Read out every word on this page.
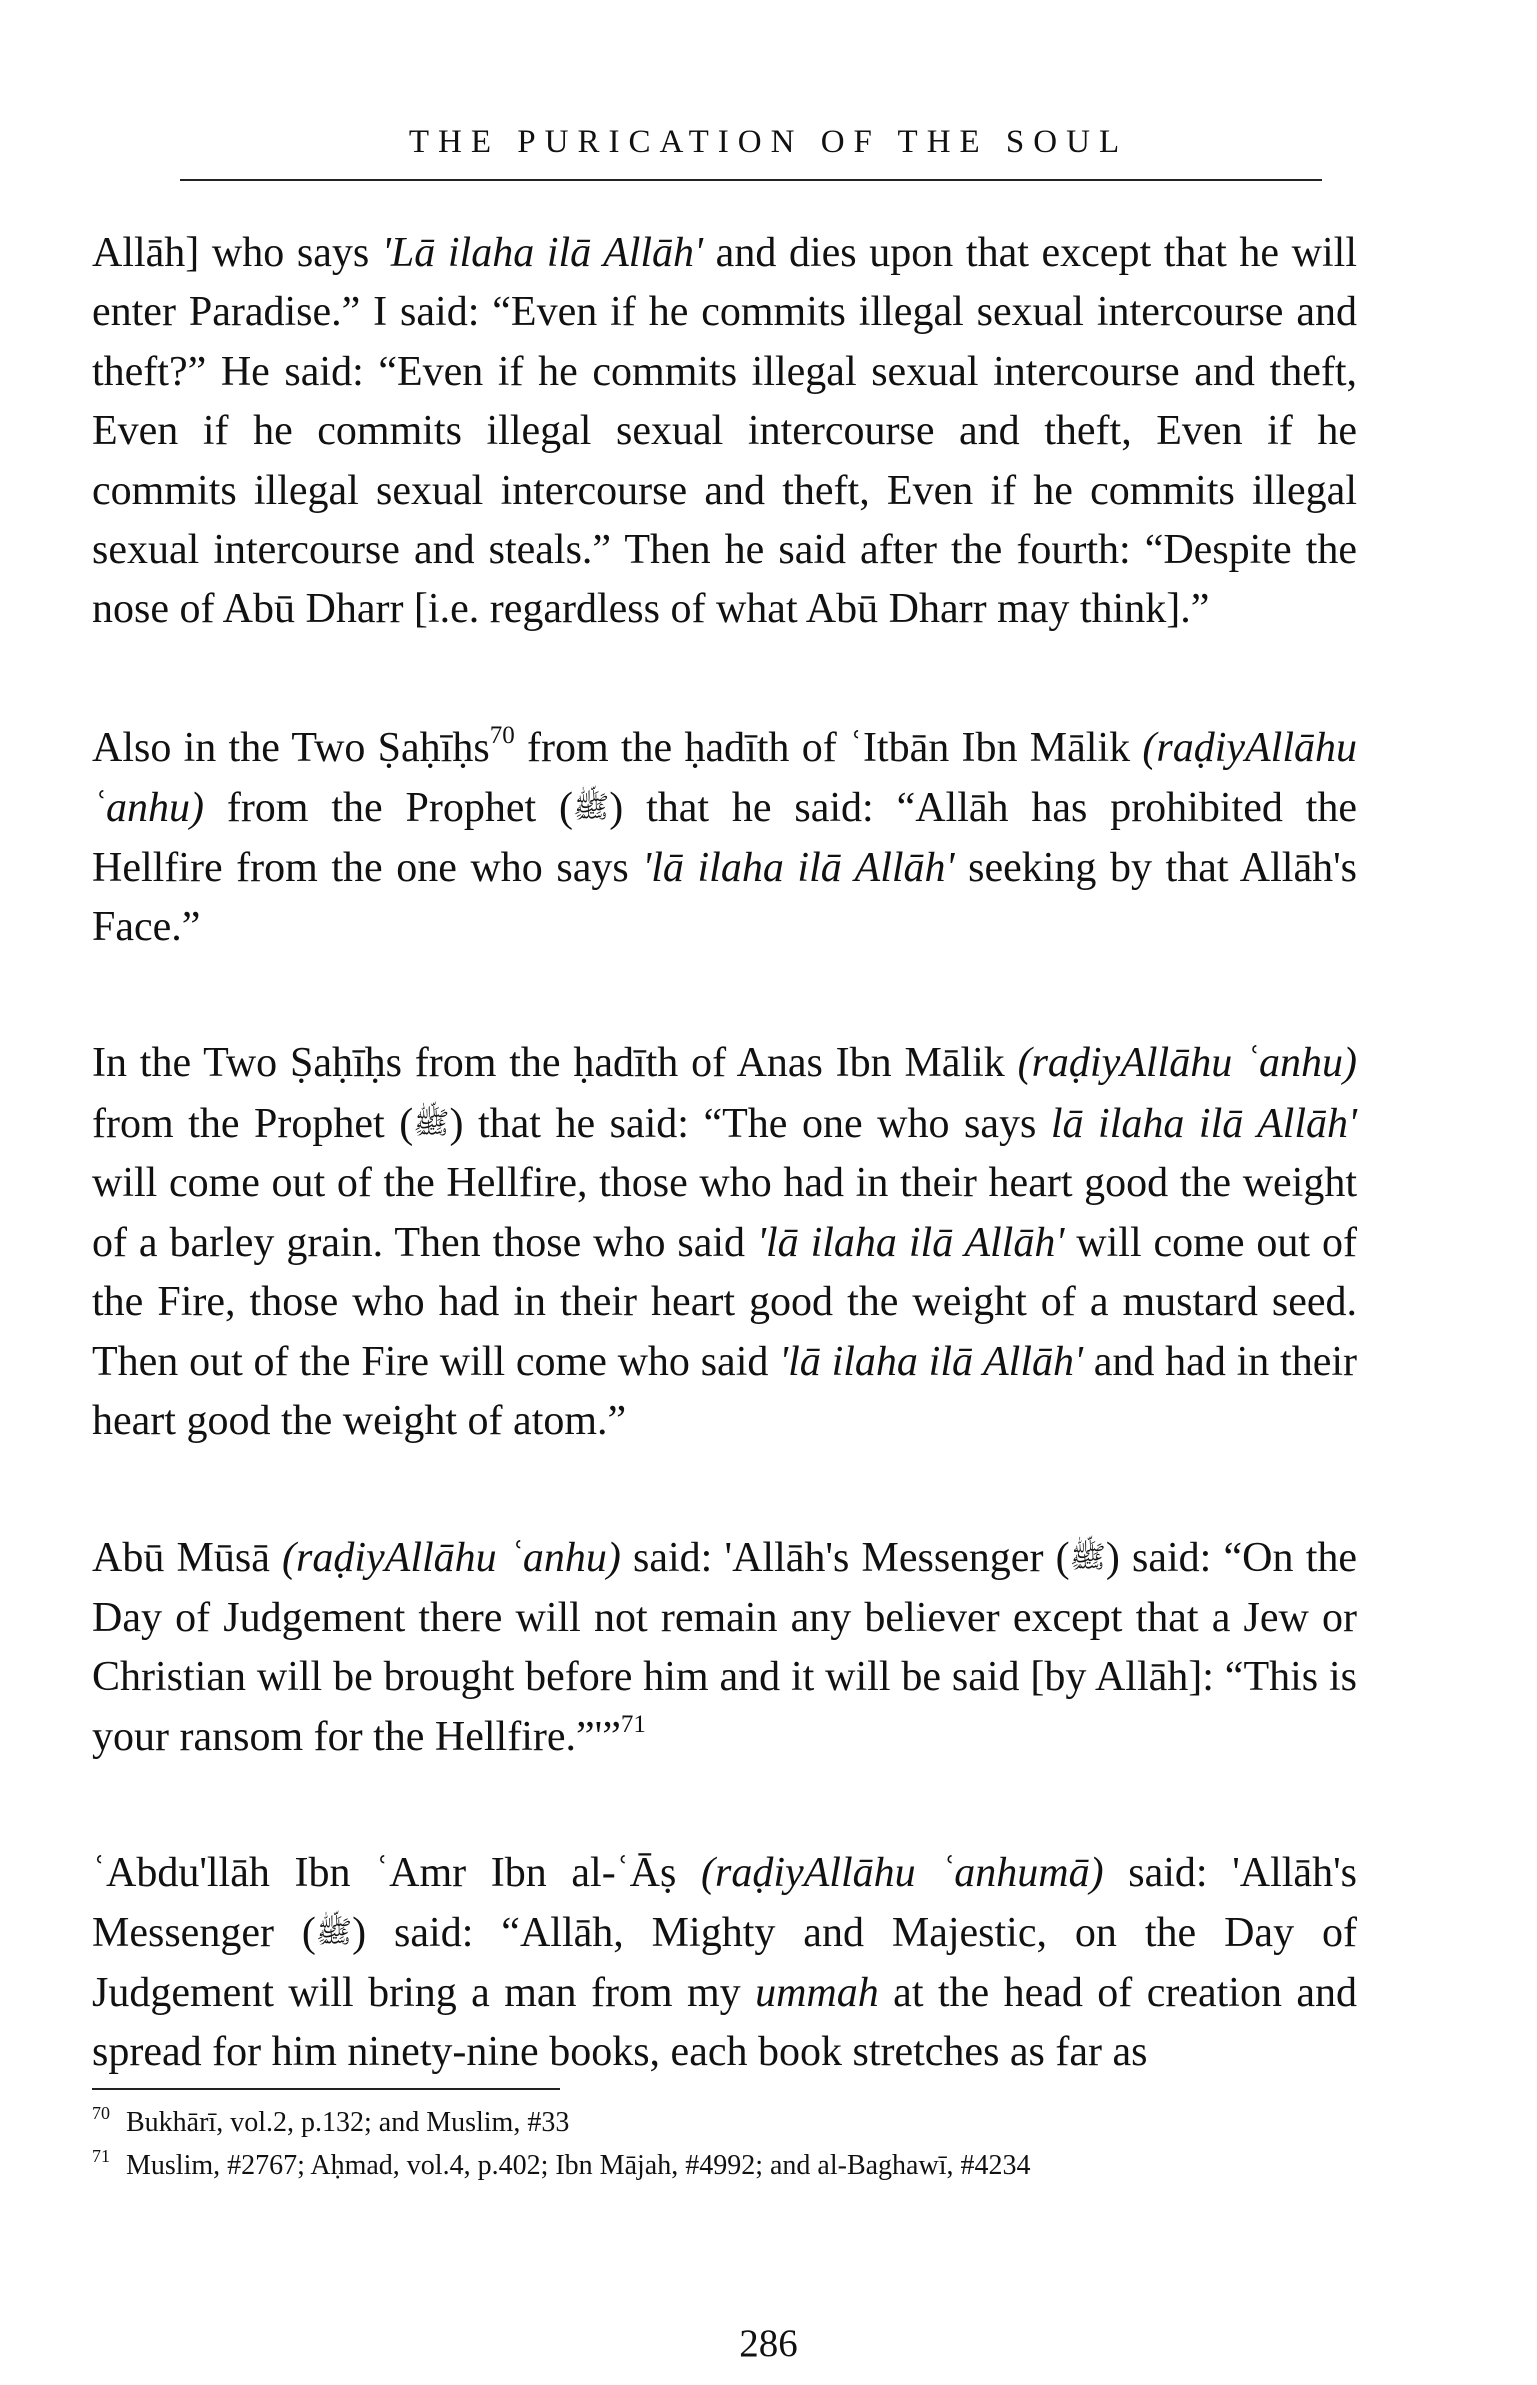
THE PURICATION OF THE SOUL

Allāh] who says 'Lā ilaha ilā Allāh' and dies upon that except that he will enter Paradise.” I said: “Even if he commits illegal sexual intercourse and theft?” He said: “Even if he commits illegal sexual intercourse and theft, Even if he commits illegal sexual intercourse and theft, Even if he commits illegal sexual intercourse and theft, Even if he commits illegal sexual intercourse and steals.” Then he said after the fourth: “Despite the nose of Abū Dharr [i.e. regardless of what Abū Dharr may think].”

Also in the Two Ṣaḥīḥs$^{70}$ from the ḥadīth of ʿItbān Ibn Mālik (raḍiyAllāhu ʿanhu) from the Prophet (ﷺ) that he said: “Allāh has prohibited the Hellfire from the one who says 'lā ilaha ilā Allāh' seeking by that Allāh's Face.”

In the Two Ṣaḥīḥs from the ḥadīth of Anas Ibn Mālik (raḍiyAllāhu ʿanhu) from the Prophet (ﷺ) that he said: “The one who says lā ilaha ilā Allāh' will come out of the Hellfire, those who had in their heart good the weight of a barley grain. Then those who said 'lā ilaha ilā Allāh' will come out of the Fire, those who had in their heart good the weight of a mustard seed. Then out of the Fire will come who said 'lā ilaha ilā Allāh' and had in their heart good the weight of atom.”

Abū Mūsā (raḍiyAllāhu ʿanhu) said: 'Allāh's Messenger (ﷺ) said: “On the Day of Judgement there will not remain any believer except that a Jew or Christian will be brought before him and it will be said [by Allāh]: “This is your ransom for the Hellfire.”'”$^{71}$

ʿAbdu'llāh Ibn ʿAmr Ibn al-ʿĀṣ (raḍiyAllāhu ʿanhumā) said: 'Allāh's Messenger (ﷺ) said: “Allāh, Mighty and Majestic, on the Day of Judgement will bring a man from my ummah at the head of creation and spread for him ninety-nine books, each book stretches as far as

$^{70}$ Bukhārī, vol.2, p.132; and Muslim, #33

$^{71}$ Muslim, #2767; Aḥmad, vol.4, p.402; Ibn Mājah, #4992; and al-Baghawī, #4234

286
